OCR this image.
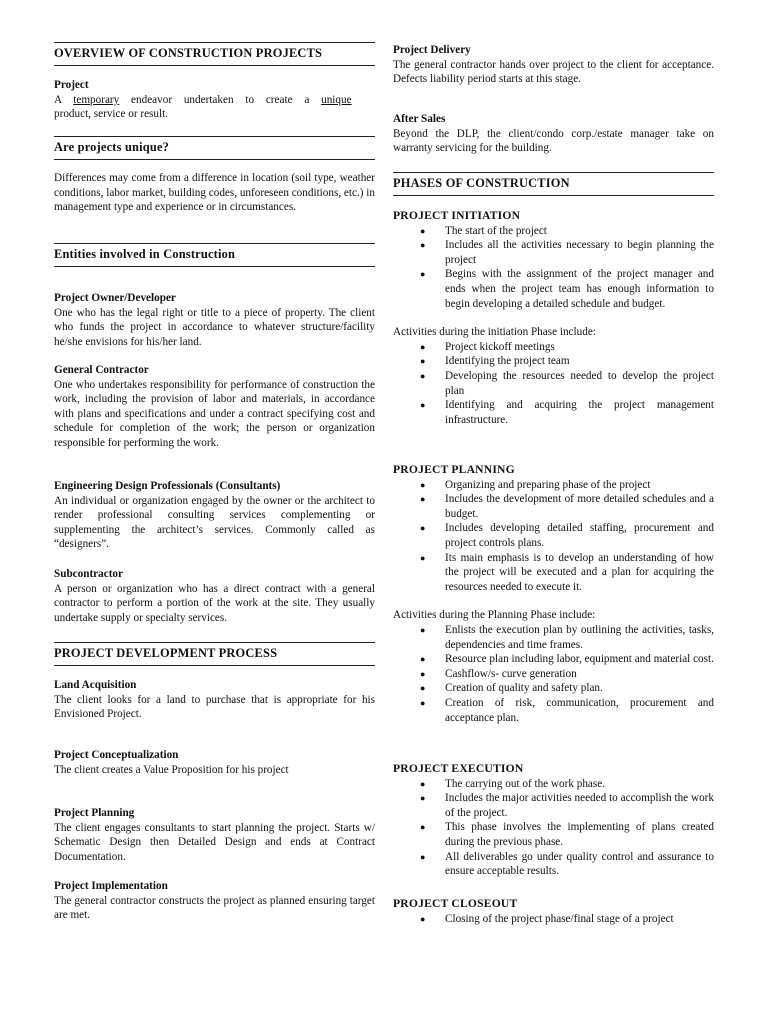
OVERVIEW OF CONSTRUCTION PROJECTS
Project

A temporary endeavor undertaken to create a unique

product, service or result.

Are projects unique?

Differences may come from a difference in location (soil type, weather conditions, labor market, building codes, unforeseen conditions, etc.) in management type and experience or in circumstances.

Entities involved in Construction
Project Owner/Developer

One who has the legal right or title to a piece of property. The client who funds the project in accordance to whatever structure/facility he/she envisions for his/her land.

General Contractor

One who undertakes responsibility for performance of construction the work, including the provision of labor and materials, in accordance with plans and specifications and under a contract specifying cost and schedule for completion of the work; the person or organization responsible for performing the work.

Engineering Design Professionals (Consultants)

An individual or organization engaged by the owner or the architect to render professional consulting services complementing or supplementing the architect’s services. Commonly called as “designers”.

Subcontractor

A person or organization who has a direct contract with a general contractor to perform a portion of the work at the site. They usually undertake supply or specialty services.

PROJECT DEVELOPMENT PROCESS
Land Acquisition

The client looks for a land to purchase that is appropriate for his Envisioned Project.

Project Conceptualization

The client creates a Value Proposition for his project

Project Planning

The client engages consultants to start planning the project. Starts w/ Schematic Design then Detailed Design and ends at Contract Documentation.

Project Implementation

The general contractor constructs the project as planned ensuring target are met.

Project Delivery

The general contractor hands over project to the client for acceptance. Defects liability period starts at this stage.

After Sales

Beyond the DLP, the client/condo corp./estate manager take on warranty servicing for the building.

PHASES OF CONSTRUCTION
PROJECT INITIATION
● The start of the project
● Includes all the activities necessary to begin planning the project
● Begins with the assignment of the project manager and ends when the project team has enough information to begin developing a detailed schedule and budget.

Activities during the initiation Phase include:

● Project kickoff meetings
● Identifying the project team
● Developing the resources needed to develop the project plan
● Identifying and acquiring the project management infrastructure.
PROJECT PLANNING
● Organizing and preparing phase of the project
● Includes the development of more detailed schedules and a budget.
● Includes developing detailed staffing, procurement and project controls plans.
● Its main emphasis is to develop an understanding of how the project will be executed and a plan for acquiring the resources needed to execute it.

Activities during the Planning Phase include:

● Enlists the execution plan by outlining the activities, tasks, dependencies and time frames.
● Resource plan including labor, equipment and material cost.
● Cashflow/s- curve generation
● Creation of quality and safety plan.
● Creation of risk, communication, procurement and acceptance plan.
PROJECT EXECUTION
● The carrying out of the work phase.
● Includes the major activities needed to accomplish the work of the project.
● This phase involves the implementing of plans created during the previous phase.
● All deliverables go under quality control and assurance to ensure acceptable results.
PROJECT CLOSEOUT
● Closing of the project phase/final stage of a project
